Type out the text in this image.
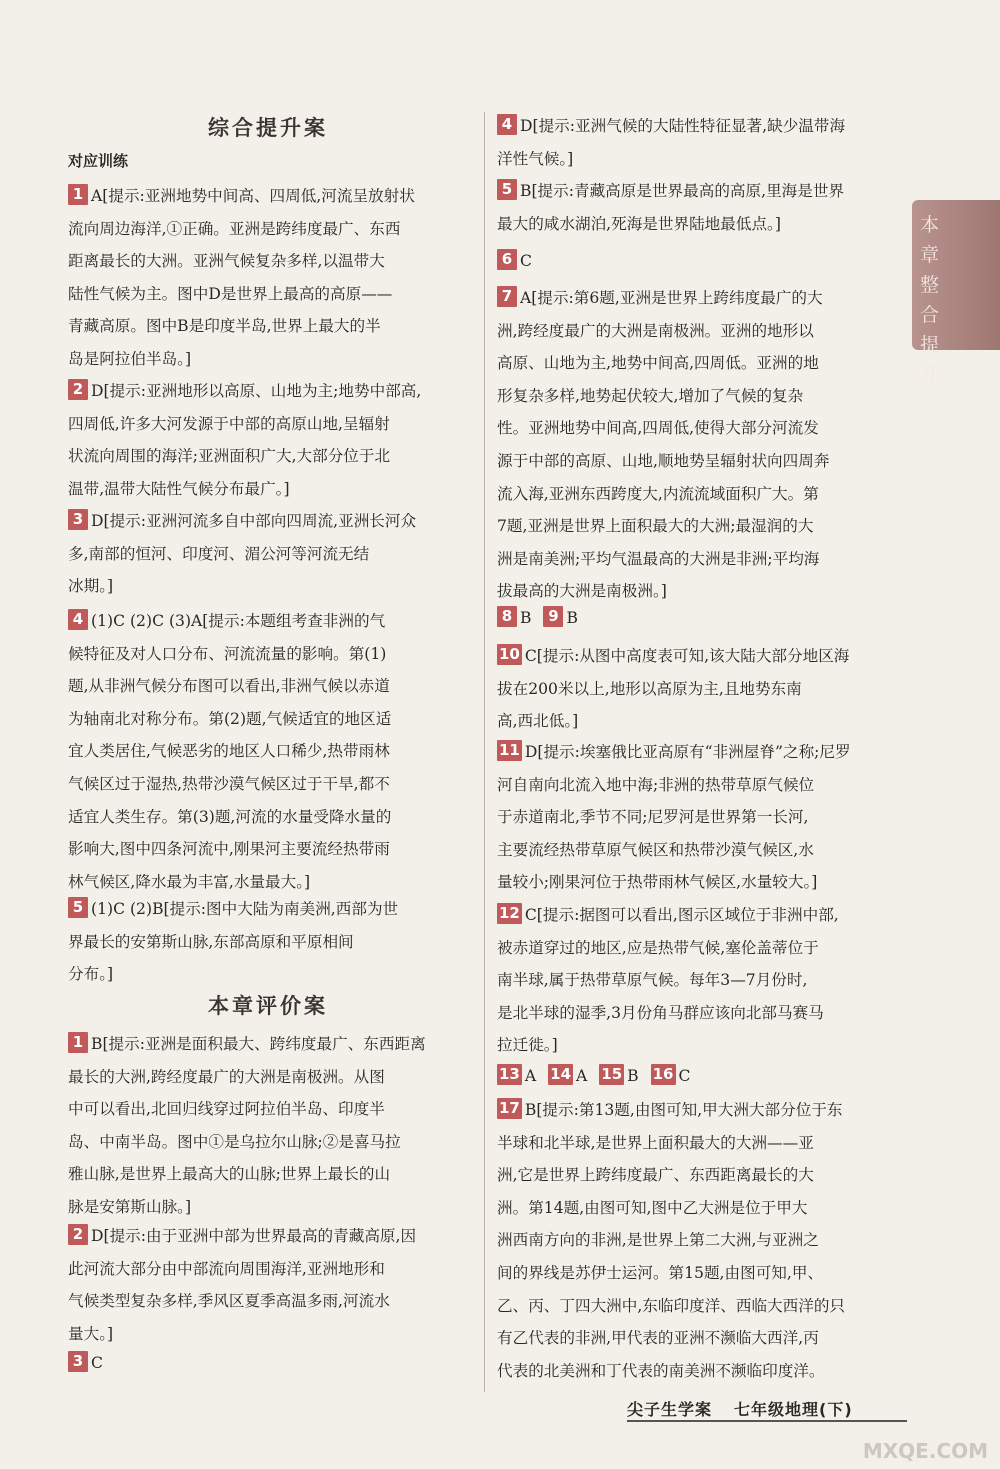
综合提升案
对应训练
1 A[提示:亚洲地势中间高、四周低,河流呈放射状
流向周边海洋,①正确。亚洲是跨纬度最广、东西
距离最长的大洲。亚洲气候复杂多样,以温带大
陆性气候为主。图中D是世界上最高的高原——
青藏高原。图中B是印度半岛,世界上最大的半
岛是阿拉伯半岛。]
2 D[提示:亚洲地形以高原、山地为主;地势中部高,
四周低,许多大河发源于中部的高原山地,呈辐射
状流向周围的海洋;亚洲面积广大,大部分位于北
温带,温带大陆性气候分布最广。]
3 D[提示:亚洲河流多自中部向四周流,亚洲长河众
多,南部的恒河、印度河、湄公河等河流无结
冰期。]
4 (1)C (2)C (3)A[提示:本题组考查非洲的气
候特征及对人口分布、河流流量的影响。第(1)
题,从非洲气候分布图可以看出,非洲气候以赤道
为轴南北对称分布。第(2)题,气候适宜的地区适
宜人类居住,气候恶劣的地区人口稀少,热带雨林
气候区过于湿热,热带沙漠气候区过于干旱,都不
适宜人类生存。第(3)题,河流的水量受降水量的
影响大,图中四条河流中,刚果河主要流经热带雨
林气候区,降水最为丰富,水量最大。]
5 (1)C (2)B[提示:图中大陆为南美洲,西部为世
界最长的安第斯山脉,东部高原和平原相间
分布。]
本章评价案
1 B[提示:亚洲是面积最大、跨纬度最广、东西距离
最长的大洲,跨经度最广的大洲是南极洲。从图
中可以看出,北回归线穿过阿拉伯半岛、印度半
岛、中南半岛。图中①是乌拉尔山脉;②是喜马拉
雅山脉,是世界上最高大的山脉;世界上最长的山
脉是安第斯山脉。]
2 D[提示:由于亚洲中部为世界最高的青藏高原,因
此河流大部分由中部流向周围海洋,亚洲地形和
气候类型复杂多样,季风区夏季高温多雨,河流水
量大。]
3 C
4 D[提示:亚洲气候的大陆性特征显著,缺少温带海
洋性气候。]
5 B[提示:青藏高原是世界最高的高原,里海是世界
最大的咸水湖泊,死海是世界陆地最低点。]
6 C
7 A[提示:第6题,亚洲是世界上跨纬度最广的大
洲,跨经度最广的大洲是南极洲。亚洲的地形以
高原、山地为主,地势中间高,四周低。亚洲的地
形复杂多样,地势起伏较大,增加了气候的复杂
性。亚洲地势中间高,四周低,使得大部分河流发
源于中部的高原、山地,顺地势呈辐射状向四周奔
流入海,亚洲东西跨度大,内流流域面积广大。第
7题,亚洲是世界上面积最大的大洲;最湿润的大
洲是南美洲;平均气温最高的大洲是非洲;平均海
拔最高的大洲是南极洲。]
8 B 9 B
10 C[提示:从图中高度表可知,该大陆大部分地区海
拔在200米以上,地形以高原为主,且地势东南
高,西北低。]
11 D[提示:埃塞俄比亚高原有“非洲屋脊”之称;尼罗
河自南向北流入地中海;非洲的热带草原气候位
于赤道南北,季节不同;尼罗河是世界第一长河,
主要流经热带草原气候区和热带沙漠气候区,水
量较小;刚果河位于热带雨林气候区,水量较大。]
12 C[提示:据图可以看出,图示区域位于非洲中部,
被赤道穿过的地区,应是热带气候,塞伦盖蒂位于
南半球,属于热带草原气候。每年3—7月份时,
是北半球的湿季,3月份角马群应该向北部马赛马
拉迁徙。]
13 A 14 A 15 B 16 C
17 B[提示:第13题,由图可知,甲大洲大部分位于东
半球和北半球,是世界上面积最大的大洲——亚
洲,它是世界上跨纬度最广、东西距离最长的大
洲。第14题,由图可知,图中乙大洲是位于甲大
洲西南方向的非洲,是世界上第二大洲,与亚洲之
间的界线是苏伊士运河。第15题,由图可知,甲、
乙、丙、丁四大洲中,东临印度洋、西临大西洋的只
有乙代表的非洲,甲代表的亚洲不濒临大西洋,丙
代表的北美洲和丁代表的南美洲不濒临印度洋。
本章整合提升
尖子生学案 七年级地理(下)
MXQE.COM
